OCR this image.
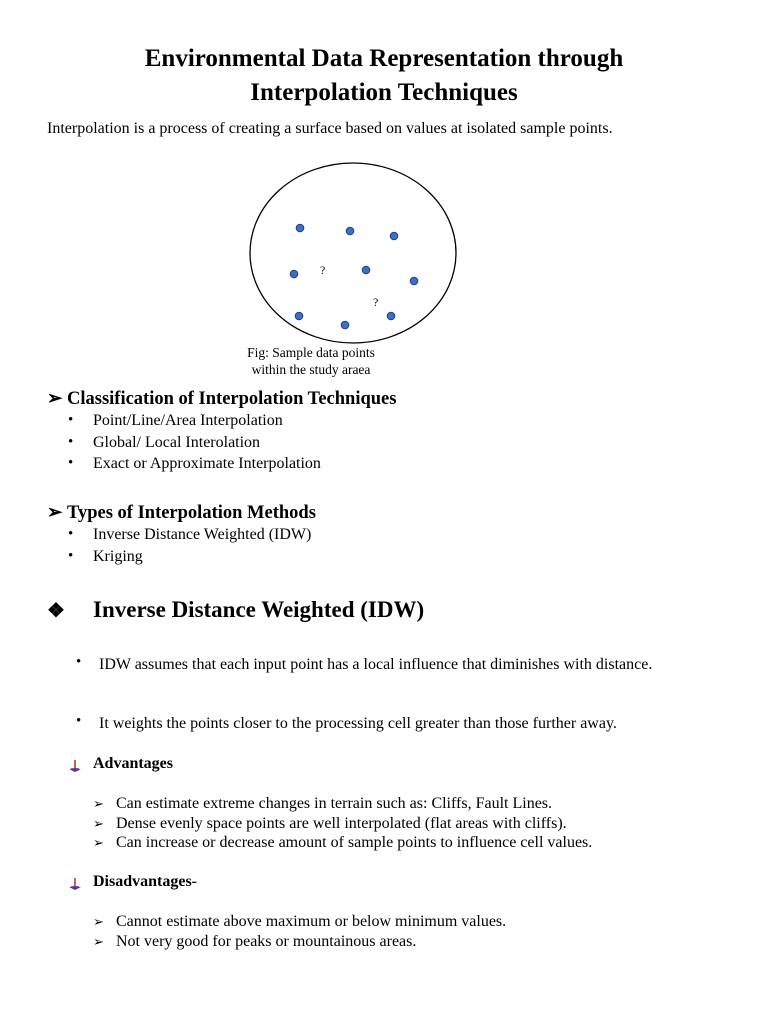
Environmental Data Representation through
Interpolation Techniques
Interpolation is a process of creating a surface based on values at isolated sample points.
?
?
Fig: Sample data points
within the study araea
➢ Classification of Interpolation Techniques
• Point/Line/Area Interpolation
• Global/ Local Interolation
• Exact or Approximate Interpolation
➢ Types of Interpolation Methods
• Inverse Distance Weighted (IDW)
• Kriging
❖ Inverse Distance Weighted (IDW)
• IDW assumes that each input point has a local influence that diminishes with distance.
• It weights the points closer to the processing cell greater than those further away.
Advantages
➢ Can estimate extreme changes in terrain such as: Cliffs, Fault Lines.
➢ Dense evenly space points are well interpolated (flat areas with cliffs).
➢ Can increase or decrease amount of sample points to influence cell values.
Disadvantages-
➢ Cannot estimate above maximum or below minimum values.
➢ Not very good for peaks or mountainous areas.
